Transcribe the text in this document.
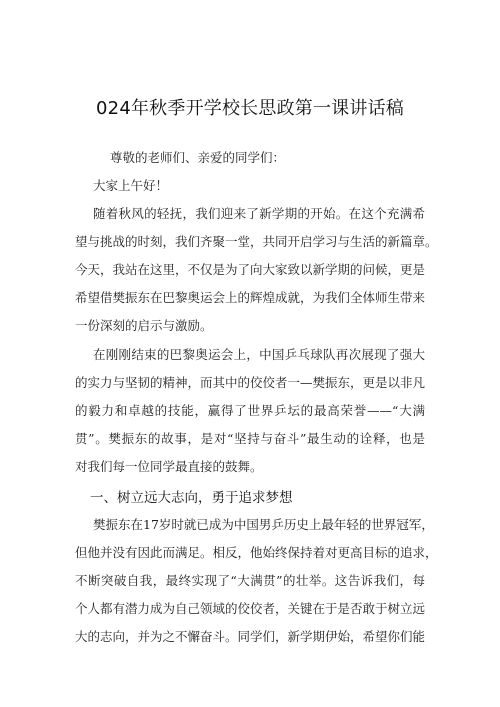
024年秋季开学校长思政第一课讲话稿
尊敬的老师们、亲爱的同学们：
大家上午好！
随着秋风的轻抚，我们迎来了新学期的开始。在这个充满希
望与挑战的时刻，我们齐聚一堂，共同开启学习与生活的新篇章。
今天，我站在这里，不仅是为了向大家致以新学期的问候，更是
希望借樊振东在巴黎奥运会上的辉煌成就，为我们全体师生带来
一份深刻的启示与激励。
在刚刚结束的巴黎奥运会上，中国乒乓球队再次展现了强大
的实力与坚韧的精神，而其中的佼佼者一—樊振东，更是以非凡
的毅力和卓越的技能，赢得了世界乒坛的最高荣誉——“大满
贯”。樊振东的故事，是对“坚持与奋斗”最生动的诠释，也是
对我们每一位同学最直接的鼓舞。
一、树立远大志向，勇于追求梦想
樊振东在17岁时就已成为中国男乒历史上最年轻的世界冠军，
但他并没有因此而满足。相反，他始终保持着对更高目标的追求，
不断突破自我，最终实现了“大满贯”的壮举。这告诉我们，每
个人都有潜力成为自己领域的佼佼者，关键在于是否敢于树立远
大的志向，并为之不懈奋斗。同学们，新学期伊始，希望你们能
